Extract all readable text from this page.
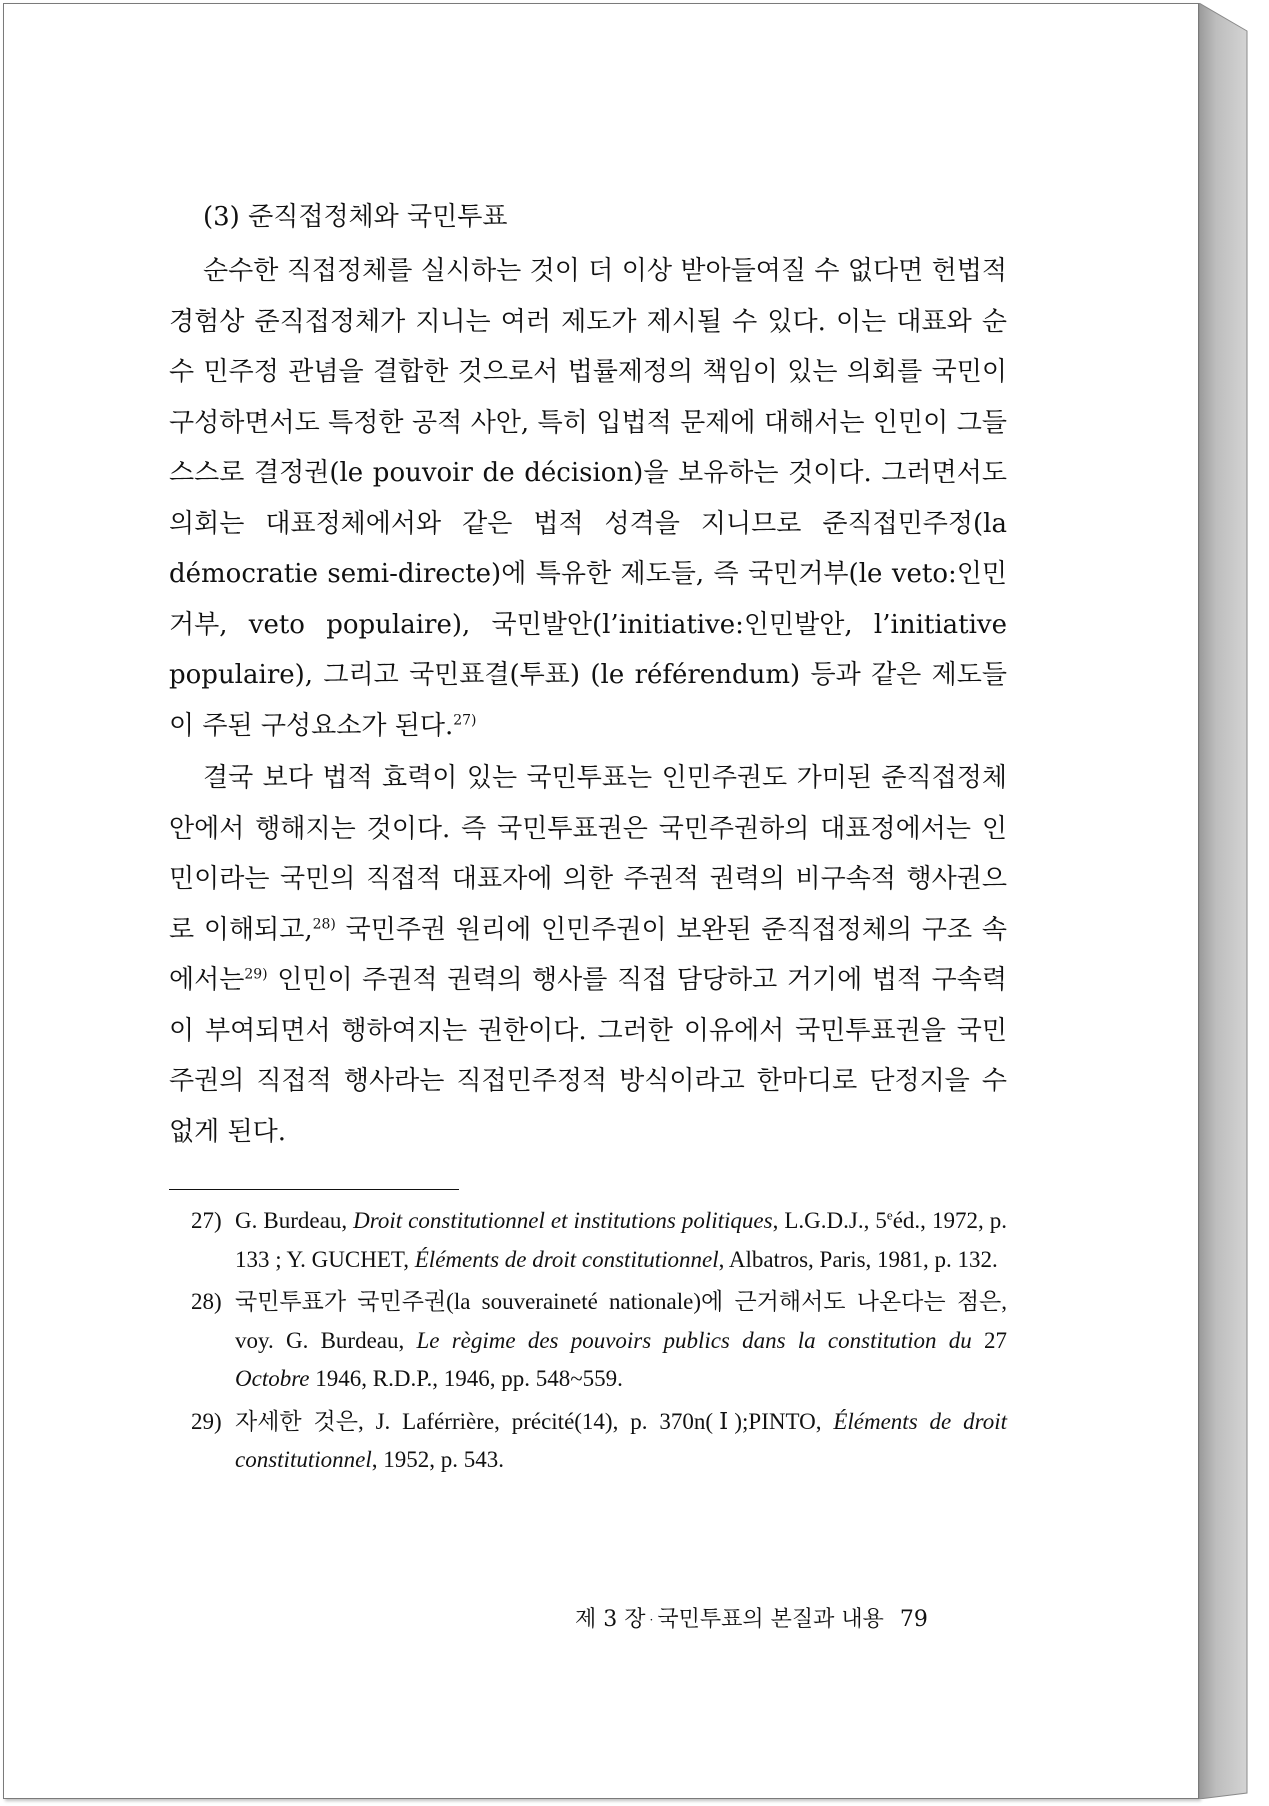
(3) 준직접정체와 국민투표

순수한 직접정체를 실시하는 것이 더 이상 받아들여질 수 없다면 헌법적 경험상 준직접정체가 지니는 여러 제도가 제시될 수 있다. 이는 대표와 순수 민주정 관념을 결합한 것으로서 법률제정의 책임이 있는 의회를 국민이 구성하면서도 특정한 공적 사안, 특히 입법적 문제에 대해서는 인민이 그들 스스로 결정권(le pouvoir de décision)을 보유하는 것이다. 그러면서도 의회는 대표정체에서와 같은 법적 성격을 지니므로 준직접민주정(la démocratie semi-directe)에 특유한 제도들, 즉 국민거부(le veto:인민거부, veto populaire), 국민발안(l’initiative:인민발안, l’initiative populaire), 그리고 국민표결(투표) (le référendum) 등과 같은 제도들이 주된 구성요소가 된다.$^{27)}$

결국 보다 법적 효력이 있는 국민투표는 인민주권도 가미된 준직접정체 안에서 행해지는 것이다. 즉 국민투표권은 국민주권하의 대표정에서는 인민이라는 국민의 직접적 대표자에 의한 주권적 권력의 비구속적 행사권으로 이해되고,$^{28)}$ 국민주권 원리에 인민주권이 보완된 준직접정체의 구조 속에서는$^{29)}$ 인민이 주권적 권력의 행사를 직접 담당하고 거기에 법적 구속력이 부여되면서 행하여지는 권한이다. 그러한 이유에서 국민투표권을 국민주권의 직접적 행사라는 직접민주정적 방식이라고 한마디로 단정지을 수 없게 된다.

27) G. Burdeau, Droit constitutionnel et institutions politiques, L.G.D.J., 5eéd., 1972, p. 133 ; Y. GUCHET, Éléments de droit constitutionnel, Albatros, Paris, 1981, p. 132.
28) 국민투표가 국민주권(la souveraineté nationale)에 근거해서도 나온다는 점은, voy. G. Burdeau, Le règime des pouvoirs publics dans la constitution du 27 Octobre 1946, R.D.P., 1946, pp. 548~559.
29) 자세한 것은, J. Laférrière, précité(14), p. 370n(Ⅰ);PINTO, Éléments de droit constitutionnel, 1952, p. 543.
제 3 장 · 국민투표의 본질과 내용 79
